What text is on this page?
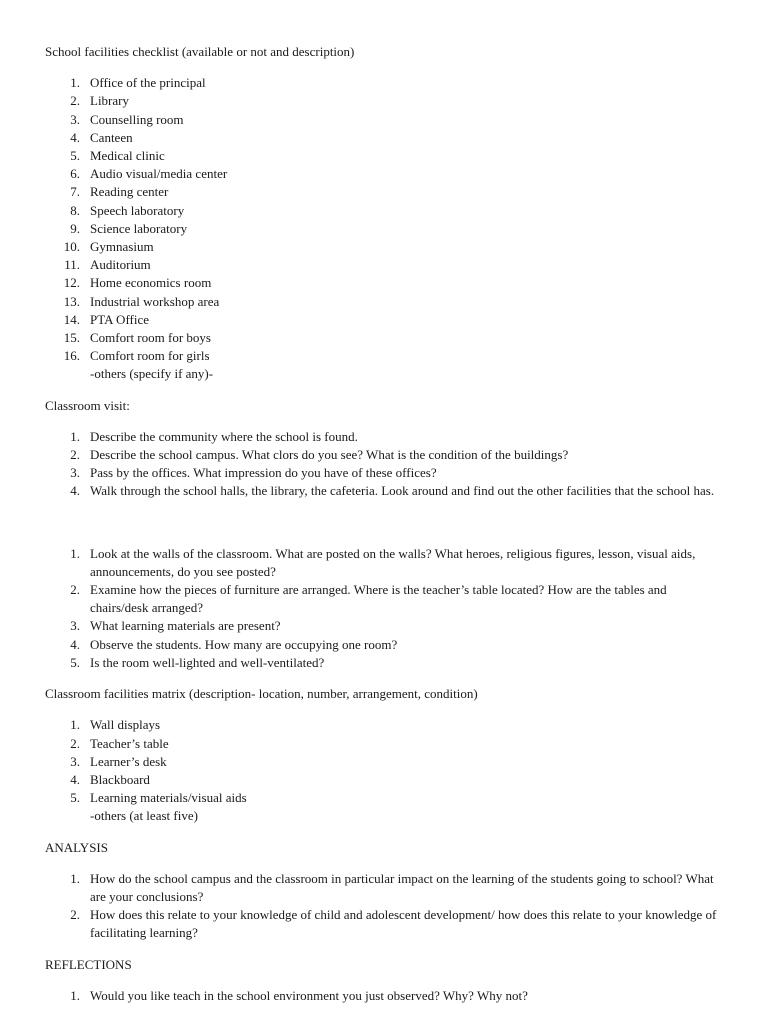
School facilities checklist (available or not and description)

1. Office of the principal
2. Library
3. Counselling room
4. Canteen
5. Medical clinic
6. Audio visual/media center
7. Reading center
8. Speech laboratory
9. Science laboratory
10. Gymnasium
11. Auditorium
12. Home economics room
13. Industrial workshop area
14. PTA Office
15. Comfort room for boys
16. Comfort room for girls
-others (specify if any)-

Classroom visit:

1. Describe the community where the school is found.
2. Describe the school campus. What clors do you see? What is the condition of the buildings?
3. Pass by the offices. What impression do you have of these offices?
4. Walk through the school halls, the library, the cafeteria. Look around and find out the other facilities that the school has.
1. Look at the walls of the classroom. What are posted on the walls? What heroes, religious figures, lesson, visual aids, announcements, do you see posted?
2. Examine how the pieces of furniture are arranged. Where is the teacher’s table located? How are the tables and chairs/desk arranged?
3. What learning materials are present?
4. Observe the students. How many are occupying one room?
5. Is the room well-lighted and well-ventilated?

Classroom facilities matrix (description- location, number, arrangement, condition)

1. Wall displays
2. Teacher’s table
3. Learner’s desk
4. Blackboard
5. Learning materials/visual aids
-others (at least five)

ANALYSIS

1. How do the school campus and the classroom in particular impact on the learning of the students going to school? What are your conclusions?
2. How does this relate to your knowledge of child and adolescent development/ how does this relate to your knowledge of facilitating learning?

REFLECTIONS

1. Would you like teach in the school environment you just observed? Why? Why not?
